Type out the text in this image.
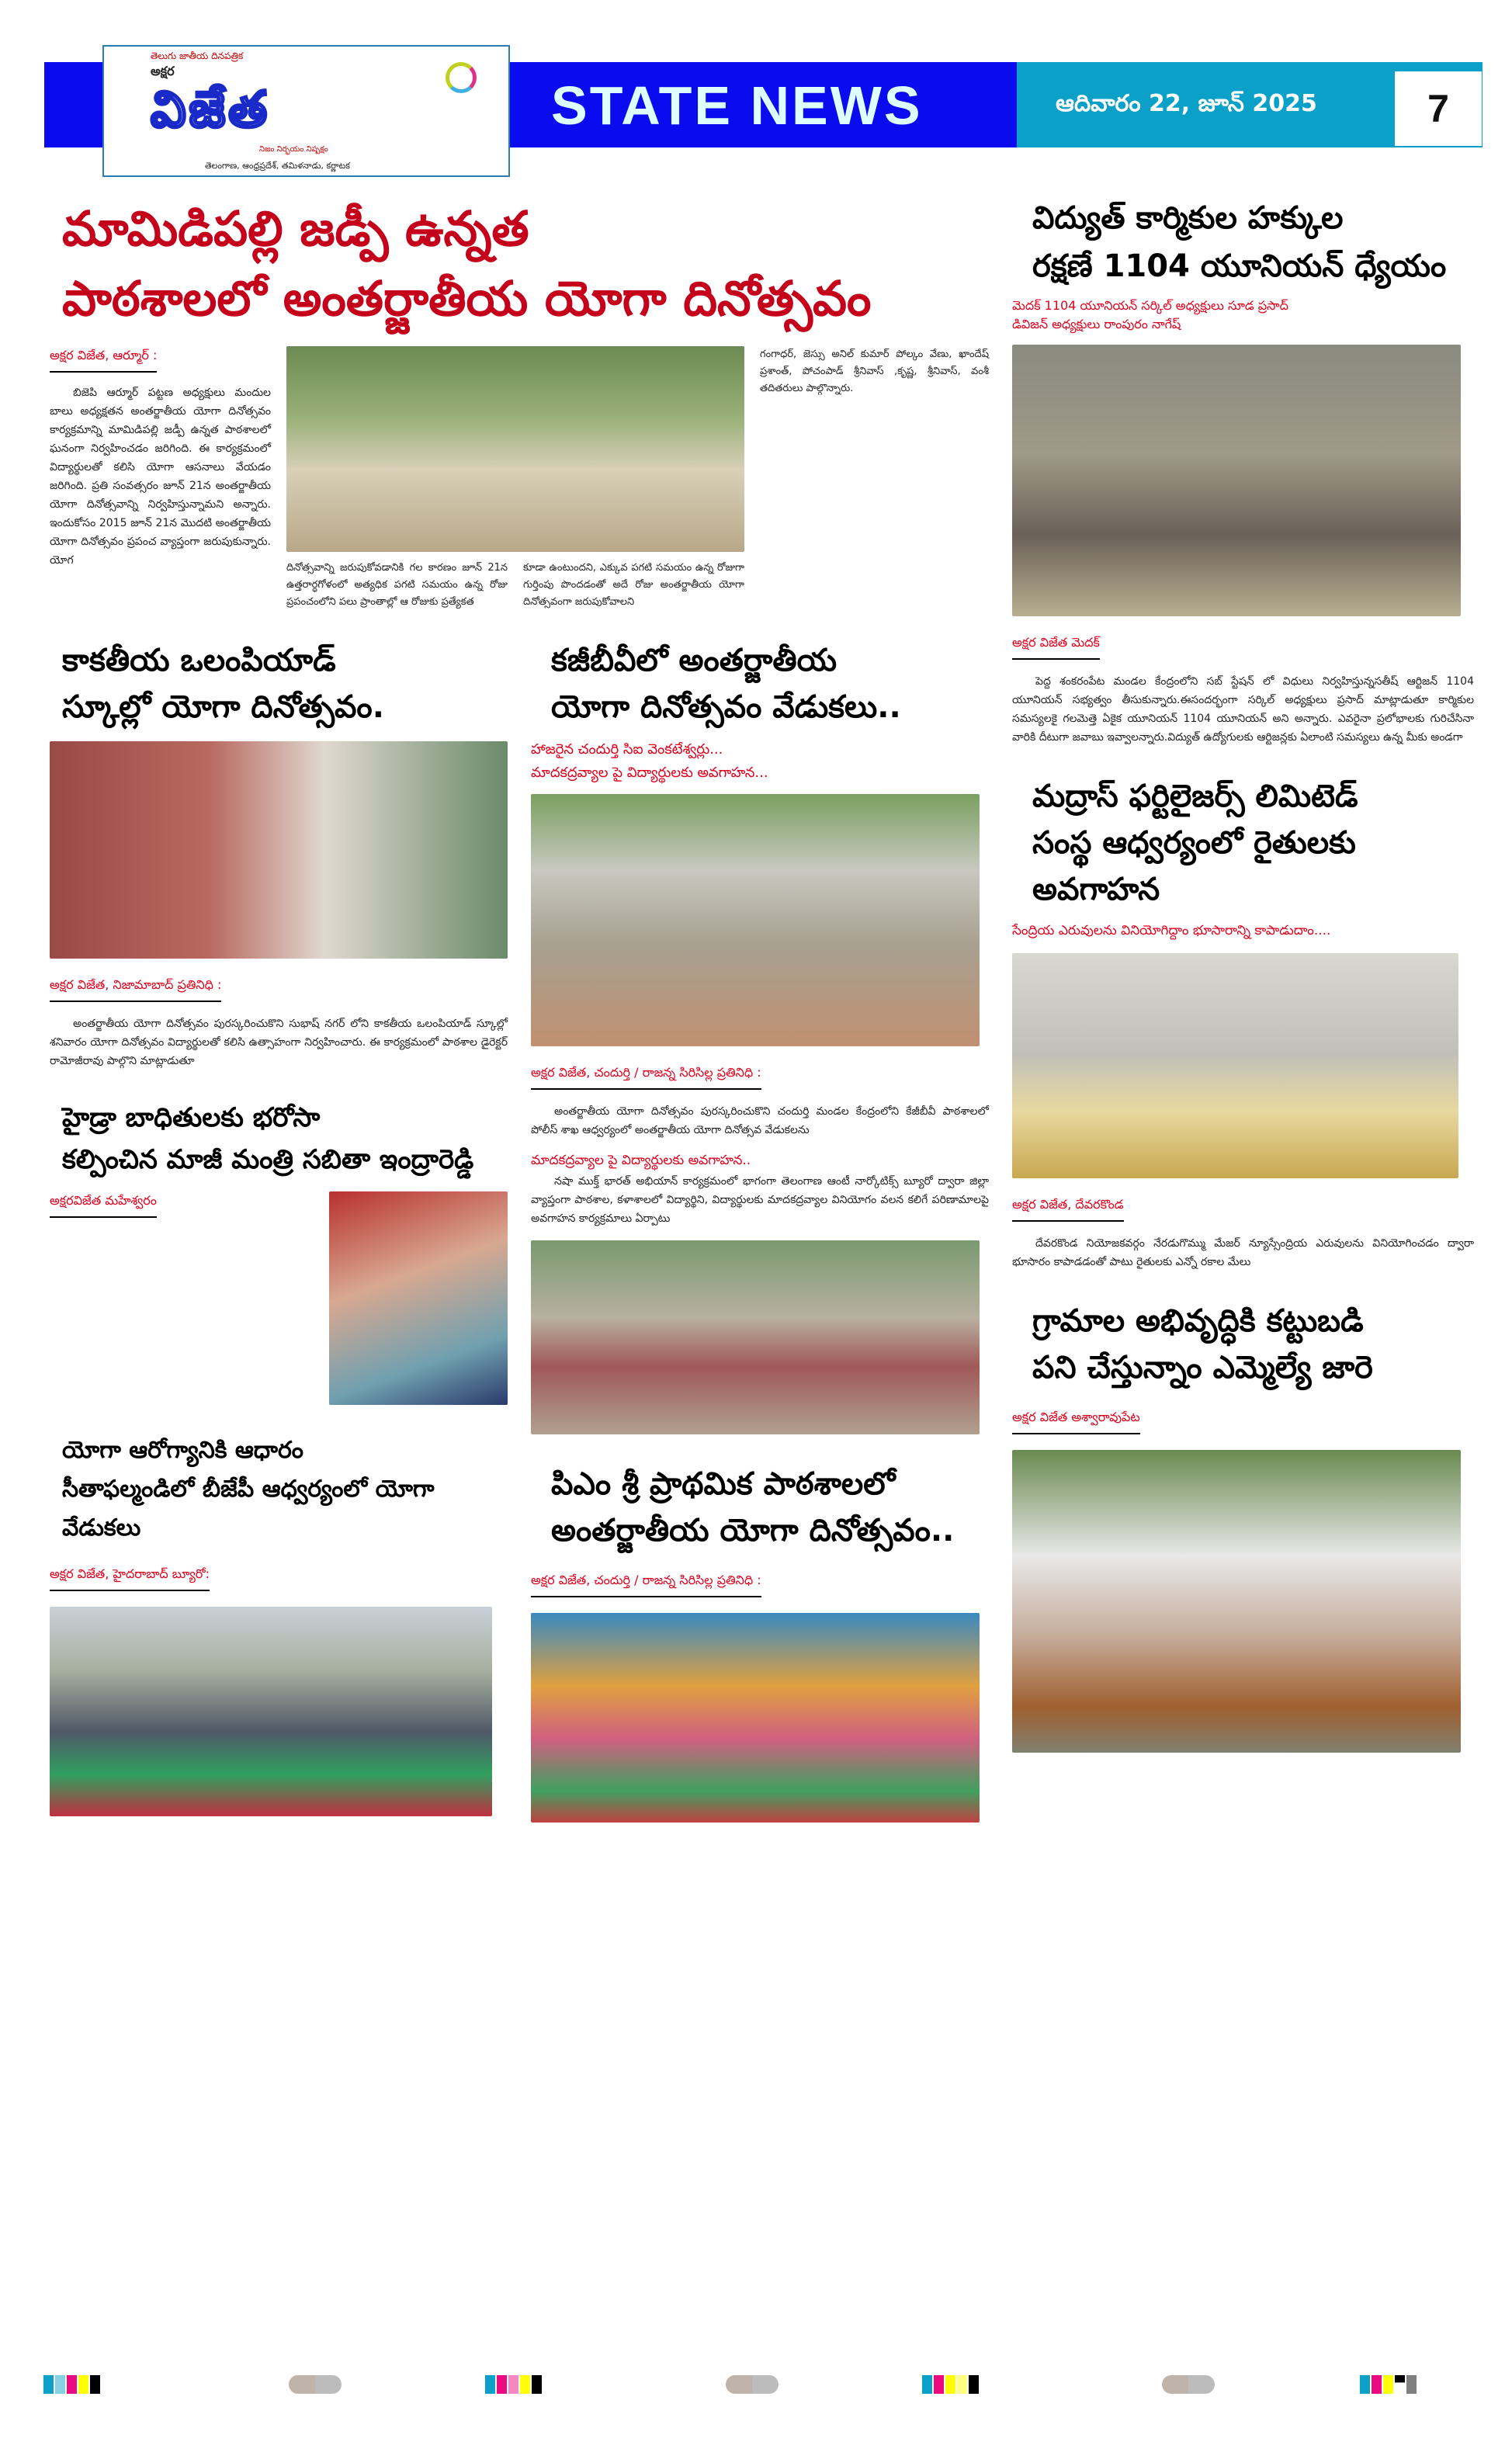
తెలుగు జాతీయ దినపత్రిక
అక్షర
విజేత
నిజం నిర్భయం నిష్పక్షం
తెలంగాణ, ఆంధ్రప్రదేశ్, తమిళనాడు, కర్ణాటక
STATE NEWS	ఆదివారం 22, జూన్ 2025	7
మామిడిపల్లి జడ్పీ ఉన్నత
పాఠశాలలో అంతర్జాతీయ యోగా దినోత్సవం
అక్షర విజేత, ఆర్మూర్ :
బిజెపి ఆర్మూర్ పట్టణ అధ్యక్షులు మందుల బాలు అధ్యక్షతన అంతర్జాతీయ యోగా దినోత్సవం కార్యక్రమాన్ని మామిడిపల్లి జడ్పీ ఉన్నత పాఠశాలలో ఘనంగా నిర్వహించడం జరిగింది. ఈ కార్యక్రమంలో విద్యార్థులతో కలిసి యోగా ఆసనాలు వేయడం జరిగింది. ప్రతి సంవత్సరం జూన్ 21న అంతర్జాతీయ యోగా దినోత్సవాన్ని నిర్వహిస్తున్నామని అన్నారు. ఇందుకోసం 2015 జూన్ 21న మొదటి అంతర్జాతీయ యోగా దినోత్సవం ప్రపంచ వ్యాప్తంగా జరుపుకున్నారు. యోగ
దినోత్సవాన్ని జరుపుకోవడానికి గల కారణం జూన్ 21న ఉత్తరార్ధగోళంలో అత్యధిక పగటి సమయం ఉన్న రోజు ప్రపంచంలోని పలు ప్రాంతాల్లో ఆ రోజుకు ప్రత్యేకత
కూడా ఉంటుందని, ఎక్కువ పగటి సమయం ఉన్న రోజుగా గుర్తింపు పొందడంతో అదే రోజు అంతర్జాతీయ యోగా దినోత్సవంగా జరుపుకోవాలని
గంగాధర్, జెస్సు అనిల్ కుమార్ పోల్కం వేణు, ఖాందేష్ ప్రశాంత్, పోచంపాడ్ శ్రీనివాస్ ,కృష్ణ, శ్రీనివాస్, వంశీ తదితరులు పాల్గొన్నారు.
కాకతీయ ఒలంపియాడ్
స్కూల్లో యోగా దినోత్సవం.
అక్షర విజేత, నిజామాబాద్ ప్రతినిధి :
అంతర్జాతీయ యోగా దినోత్సవం పురస్కరించుకొని సుభాష్ నగర్ లోని కాకతీయ ఒలంపియాడ్ స్కూల్లో శనివారం యోగా దినోత్సవం విద్యార్థులతో కలిసి ఉత్సాహంగా నిర్వహించారు. ఈ కార్యక్రమంలో పాఠశాల డైరెక్టర్ రామోజీరావు పాల్గొని మాట్లాడుతూ
హైడ్రా బాధితులకు భరోసా
కల్పించిన మాజీ మంత్రి సబితా ఇంద్రారెడ్డి
అక్షరవిజేత మహేశ్వరం
యోగా ఆరోగ్యానికి ఆధారం
సీతాఫల్మండిలో బీజేపీ ఆధ్వర్యంలో యోగా వేడుకలు
అక్షర విజేత, హైదరాబాద్ బ్యూరో:
కజీబీవీలో అంతర్జాతీయ
యోగా దినోత్సవం వేడుకలు..
హాజరైన చందుర్తి సిఐ వెంకటేశ్వర్లు...
మాదకద్రవ్యాల పై విద్యార్థులకు అవగాహన...
అక్షర విజేత, చందుర్తి / రాజన్న సిరిసిల్ల ప్రతినిధి :
అంతర్జాతీయ యోగా దినోత్సవం పురస్కరించుకొని చందుర్తి మండల కేంద్రంలోని కేజీబీవీ పాఠశాలలో పోలీస్ శాఖ ఆధ్వర్యంలో అంతర్జాతీయ యోగా దినోత్సవ వేడుకలను
మాదకద్రవ్యాల పై విద్యార్థులకు అవగాహన..
నషా ముక్త్ భారత్ అభియాన్ కార్యక్రమంలో భాగంగా తెలంగాణ ఆంటీ నార్కోటిక్స్ బ్యూరో ద్వారా జిల్లా వ్యాప్తంగా పాఠశాల, కళాశాలలో విద్యార్థిని, విద్యార్థులకు మాదకద్రవ్యాల వినియోగం వలన కలిగే పరిణామాలపై అవగాహన కార్యక్రమాలు ఏర్పాటు
పిఎం శ్రీ ప్రాథమిక పాఠశాలలో
అంతర్జాతీయ యోగా దినోత్సవం..
అక్షర విజేత, చందుర్తి / రాజన్న సిరిసిల్ల ప్రతినిధి :
విద్యుత్ కార్మికుల హక్కుల
రక్షణే 1104 యూనియన్ ధ్యేయం
మెదక్ 1104 యూనియన్ సర్కిల్ అధ్యక్షులు సూడ ప్రసాద్
డివిజన్ అధ్యక్షులు రాంపురం నాగేష్
అక్షర విజేత మెదక్
పెద్ద శంకరంపేట మండల కేంద్రంలోని సబ్ స్టేషన్ లో విధులు నిర్వహిస్తున్నసతీష్ ఆర్టిజన్ 1104 యూనియన్ సభ్యత్వం తీసుకున్నారు.ఈసందర్భంగా సర్కిల్ అధ్యక్షులు ప్రసాద్ మాట్లాడుతూ కార్మికుల సమస్యలకై గలమెత్తె ఏకైక యూనియన్ 1104 యూనియన్ అని అన్నారు. ఎవరైనా ప్రలోభాలకు గురిచేసినా వారికి దీటుగా జవాబు ఇవ్వాలన్నారు.విద్యుత్ ఉద్యోగులకు ఆర్టిజన్లకు ఏలాంటి సమస్యలు ఉన్న మీకు అండగా
మద్రాస్ ఫర్టిలైజర్స్ లిమిటెడ్
సంస్థ ఆధ్వర్యంలో రైతులకు అవగాహన
సేంద్రియ ఎరువులను వినియోగిద్దాం భూసారాన్ని కాపాడుదాం....
అక్షర విజేత, దేవరకొండ
దేవరకొండ నియోజకవర్గం నేరడుగొమ్ము మేజర్ న్యూస్సేంద్రియ ఎరువులను వినియోగించడం ద్వారా భూసారం కాపాడడంతో పాటు రైతులకు ఎన్నో రకాల మేలు
గ్రామాల అభివృద్ధికి కట్టుబడి
పని చేస్తున్నాం ఎమ్మెల్యే జారె
అక్షర విజేత అశ్వారావుపేట
